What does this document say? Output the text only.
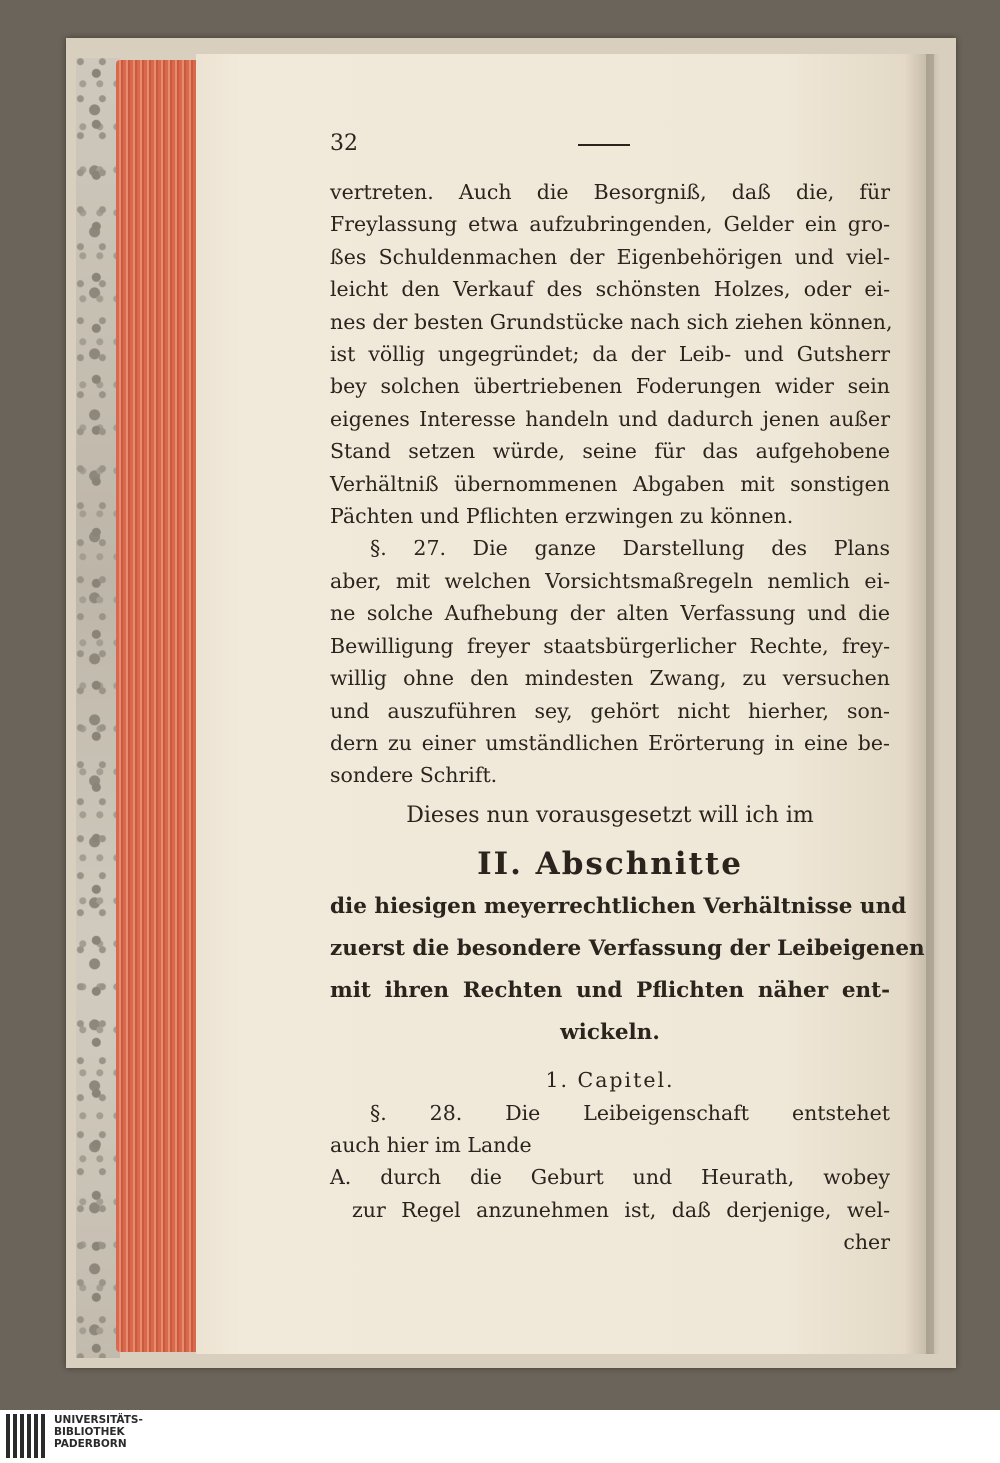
32
vertreten. Auch die Besorgniß, daß die, für
Freylassung etwa aufzubringenden, Gelder ein gro-
ßes Schuldenmachen der Eigenbehörigen und viel-
leicht den Verkauf des schönsten Holzes, oder ei-
nes der besten Grundstücke nach sich ziehen können,
ist völlig ungegründet; da der Leib- und Gutsherr
bey solchen übertriebenen Foderungen wider sein
eigenes Interesse handeln und dadurch jenen außer
Stand setzen würde, seine für das aufgehobene
Verhältniß übernommenen Abgaben mit sonstigen
Pächten und Pflichten erzwingen zu können.
§. 27. Die ganze Darstellung des Plans
aber, mit welchen Vorsichtsmaßregeln nemlich ei-
ne solche Aufhebung der alten Verfassung und die
Bewilligung freyer staatsbürgerlicher Rechte, frey-
willig ohne den mindesten Zwang, zu versuchen
und auszuführen sey, gehört nicht hierher, son-
dern zu einer umständlichen Erörterung in eine be-
sondere Schrift.
Dieses nun vorausgesetzt will ich im
II. Abschnitte
die hiesigen meyerrechtlichen Verhältnisse und
zuerst die besondere Verfassung der Leibeigenen
mit ihren Rechten und Pflichten näher ent-
wickeln.
1. Capitel.
§. 28. Die Leibeigenschaft entstehet
auch hier im Lande
A. durch die Geburt und Heurath, wobey
zur Regel anzunehmen ist, daß derjenige, wel-
cher
UNIVERSITÄTS-
BIBLIOTHEK
PADERBORN
